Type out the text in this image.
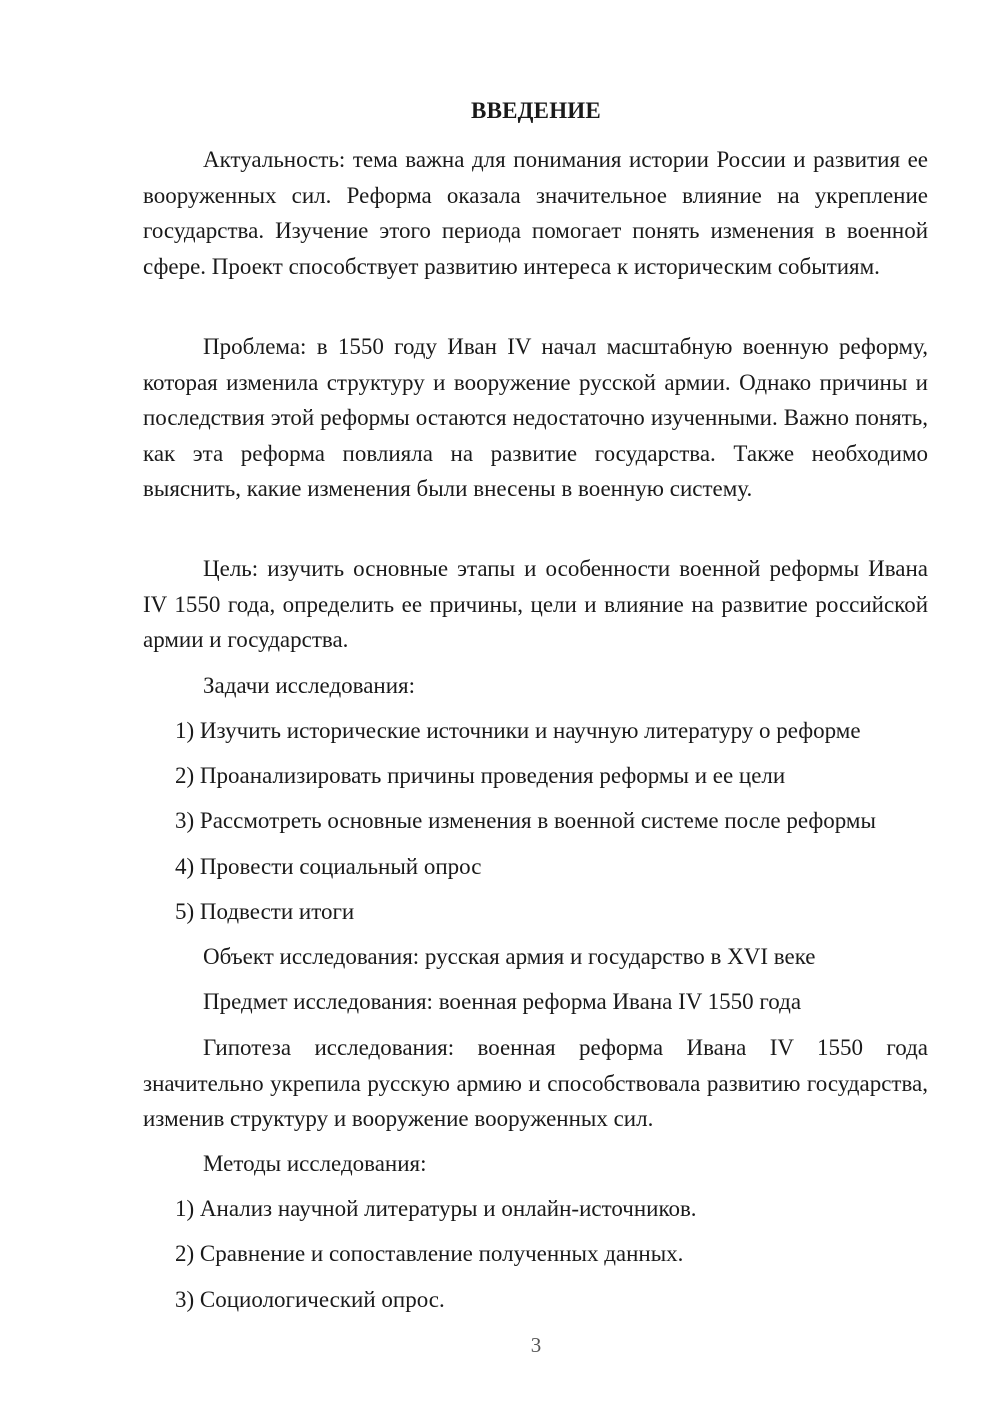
ВВЕДЕНИЕ

Актуальность: тема важна для понимания истории России и развития ее вооруженных сил. Реформа оказала значительное влияние на укрепление государства. Изучение этого периода помогает понять изменения в военной сфере. Проект способствует развитию интереса к историческим событиям.

Проблема: в 1550 году Иван IV начал масштабную военную реформу, которая изменила структуру и вооружение русской армии. Однако причины и последствия этой реформы остаются недостаточно изученными. Важно понять, как эта реформа повлияла на развитие государства. Также необходимо выяснить, какие изменения были внесены в военную систему.

Цель: изучить основные этапы и особенности военной реформы Ивана IV 1550 года, определить ее причины, цели и влияние на развитие российской армии и государства.

Задачи исследования:
1) Изучить исторические источники и научную литературу о реформе
2) Проанализировать причины проведения реформы и ее цели
3) Рассмотреть основные изменения в военной системе после реформы
4) Провести социальный опрос
5) Подвести итоги
Объект исследования: русская армия и государство в XVI веке
Предмет исследования: военная реформа Ивана IV 1550 года

Гипотеза исследования: военная реформа Ивана IV 1550 года значительно укрепила русскую армию и способствовала развитию государства, изменив структуру и вооружение вооруженных сил.

Методы исследования:
1) Анализ научной литературы и онлайн-источников.
2) Сравнение и сопоставление полученных данных.
3) Социологический опрос.
3
